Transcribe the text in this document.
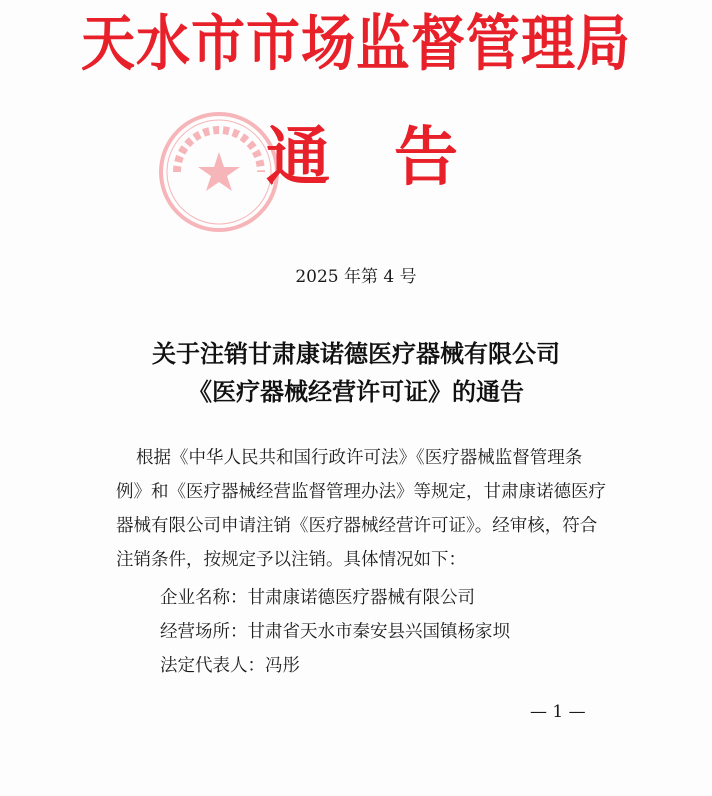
天水市市场监督管理局
通 告
2025 年第 4 号
关于注销甘肃康诺德医疗器械有限公司
《医疗器械经营许可证》的通告
根据《中华人民共和国行政许可法》《医疗器械监督管理条
例》和《医疗器械经营监督管理办法》等规定，甘肃康诺德医疗
器械有限公司申请注销《医疗器械经营许可证》。经审核，符合
注销条件，按规定予以注销。具体情况如下：
企业名称：甘肃康诺德医疗器械有限公司
经营场所：甘肃省天水市秦安县兴国镇杨家坝
法定代表人：冯彤
— 1 —
